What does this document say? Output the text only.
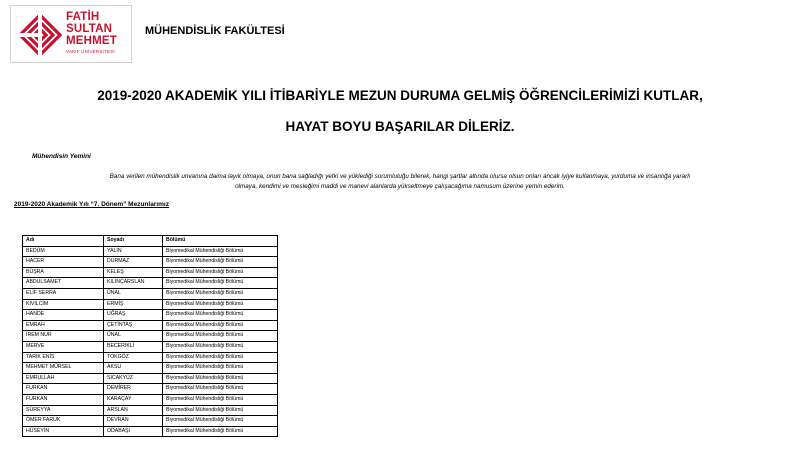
FATİH
SULTAN
MEHMET
VAKIF ÜNİVERSİTESİ
MÜHENDİSLİK FAKÜLTESİ
2019-2020 AKADEMİK YILI İTİBARİYLE MEZUN DURUMA GELMİŞ ÖĞRENCİLERİMİZİ KUTLAR,
HAYAT BOYU BAŞARILAR DİLERİZ.
Mühendisin Yemini
Bana verilen mühendislik unvanına daima layık olmaya, onun bana sağladığı yetki ve yüklediği sorumluluğu bilerek, hangi şartlar altında olursa olsun onları ancak iyiye kullanmaya, yurduma ve insanlığa yararlı
olmaya, kendimi ve mesleğimi maddi ve manevi alanlarda yükseltmeye çalışacağıma namusum üzerine yemin ederim.
2019-2020 Akademik Yılı “7. Dönem” Mezunlarımız
Adı	Soyadı	Bölümü
BEDÜM	YALIN	Biyomedikal Mühendisliği Bölümü
HACER	DURMAZ	Biyomedikal Mühendisliği Bölümü
BÜŞRA	KELEŞ	Biyomedikal Mühendisliği Bölümü
ABDULSAMET	KILINÇARSLAN	Biyomedikal Mühendisliği Bölümü
ELİF SERRA	ÜNAL	Biyomedikal Mühendisliği Bölümü
KIVILCIM	ERMİŞ	Biyomedikal Mühendisliği Bölümü
HANDE	UĞRAŞ	Biyomedikal Mühendisliği Bölümü
EMRAH	ÇETİNTAŞ	Biyomedikal Mühendisliği Bölümü
İREM NUR	ÜNAL	Biyomedikal Mühendisliği Bölümü
MERVE	BECERİKLİ	Biyomedikal Mühendisliği Bölümü
TARIK ENİS	TOKGÖZ	Biyomedikal Mühendisliği Bölümü
MEHMET MÜRSEL	AKSU	Biyomedikal Mühendisliği Bölümü
EMRULLAH	SICAKYÜZ	Biyomedikal Mühendisliği Bölümü
FURKAN	DEMİRER	Biyomedikal Mühendisliği Bölümü
FURKAN	KARAÇAY	Biyomedikal Mühendisliği Bölümü
SÜREYYA	ARSLAN	Biyomedikal Mühendisliği Bölümü
ÖMER FARUK	DEVRAN	Biyomedikal Mühendisliği Bölümü
HÜSEYİN	ODABAŞI	Biyomedikal Mühendisliği Bölümü
